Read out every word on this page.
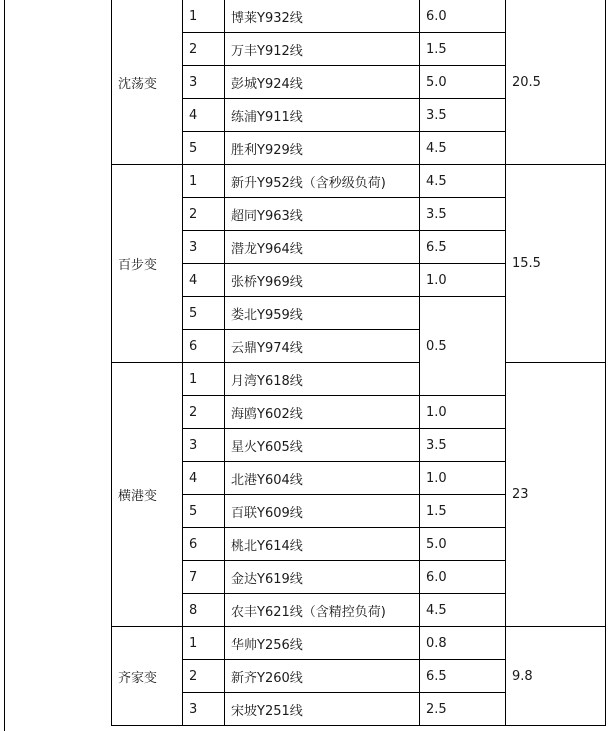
沈荡变	1	博莱Y932线	6.0	20.5
	2	万丰Y912线	1.5	
	3	彭城Y924线	5.0	
	4	练浦Y911线	3.5	
	5	胜利Y929线	4.5	
百步变	1	新升Y952线（含秒级负荷)	4.5	15.5
	2	超同Y963线	3.5	
	3	潜龙Y964线	6.5	
	4	张桥Y969线	1.0	
	5	娄北Y959线	0.5	
	6	云鼎Y974线		
横港变	1	月湾Y618线		23
	2	海鸥Y602线	1.0	
	3	星火Y605线	3.5	
	4	北港Y604线	1.0	
	5	百联Y609线	1.5	
	6	桃北Y614线	5.0	
	7	金达Y619线	6.0	
	8	农丰Y621线（含精控负荷)	4.5	
齐家变	1	华帅Y256线	0.8	9.8
	2	新齐Y260线	6.5	
	3	宋坡Y251线	2.5	
